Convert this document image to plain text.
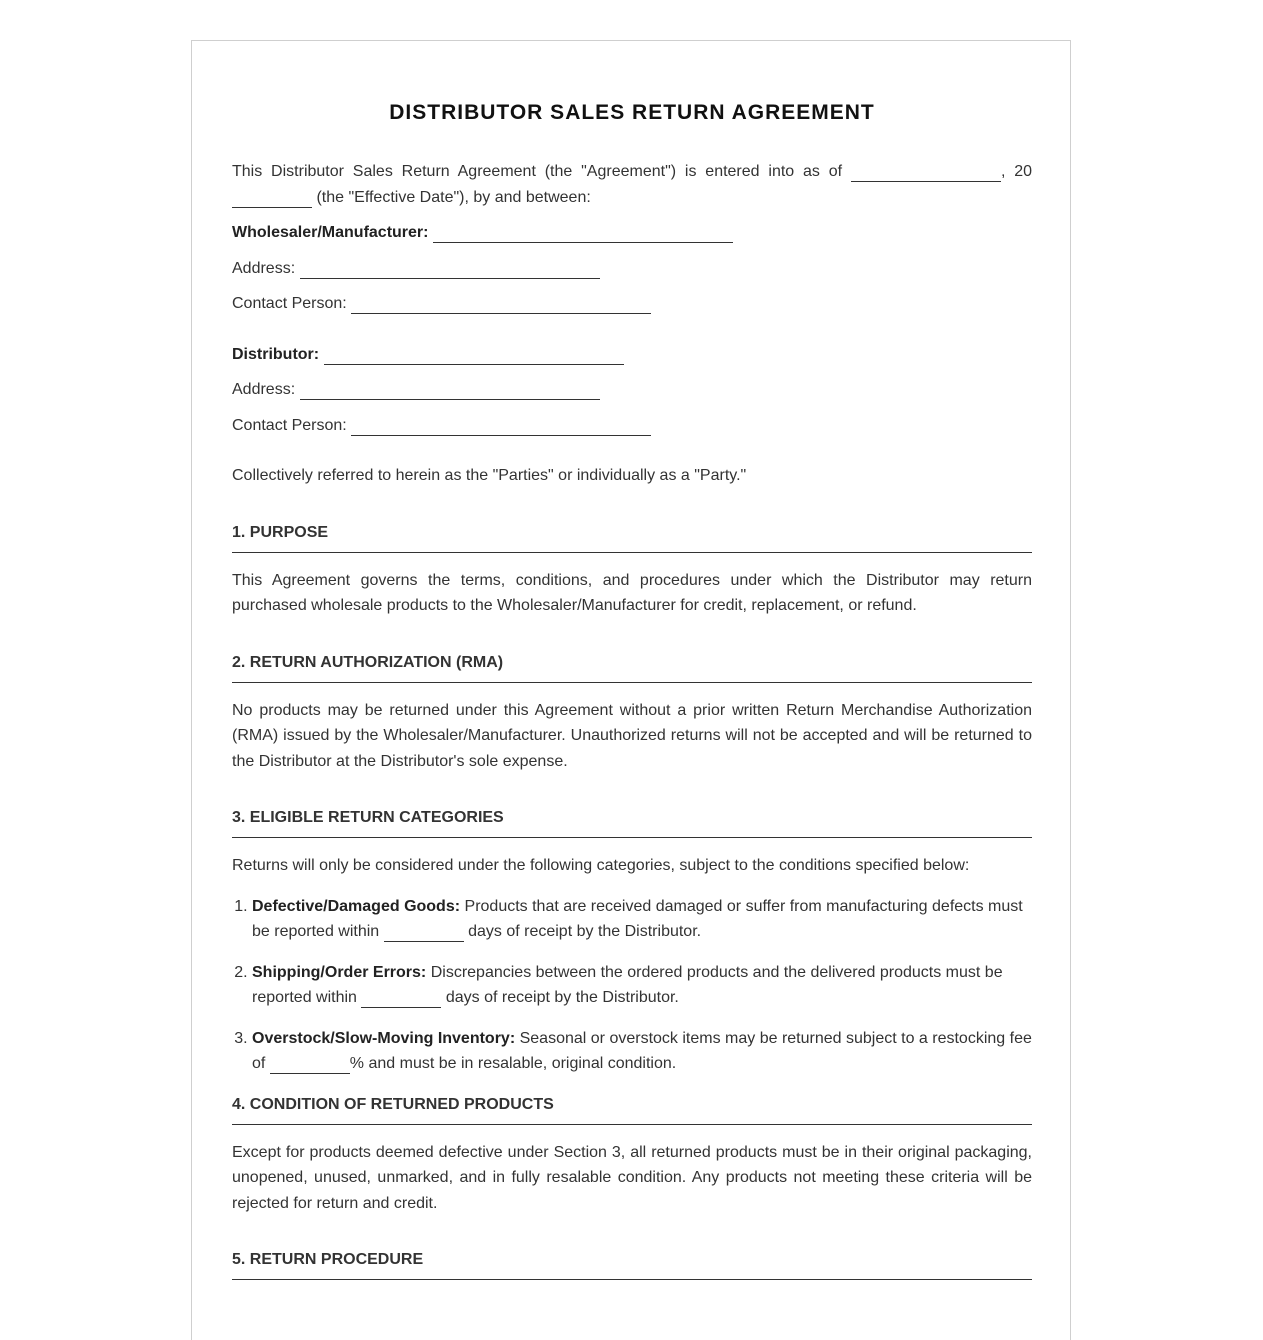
DISTRIBUTOR SALES RETURN AGREEMENT

This Distributor Sales Return Agreement (the "Agreement") is entered into as of	, 20  (the "Effective Date"), by and between:

Wholesaler/Manufacturer:
Address:
Contact Person:
Distributor:
Address:
Contact Person:

Collectively referred to herein as the "Parties" or individually as a "Party."

1. PURPOSE

This Agreement governs the terms, conditions, and procedures under which the Distributor may return purchased wholesale products to the Wholesaler/Manufacturer for credit, replacement, or refund.

2. RETURN AUTHORIZATION (RMA)

No products may be returned under this Agreement without a prior written Return Merchandise Authorization (RMA) issued by the Wholesaler/Manufacturer. Unauthorized returns will not be accepted and will be returned to the Distributor at the Distributor's sole expense.

3. ELIGIBLE RETURN CATEGORIES

Returns will only be considered under the following categories, subject to the conditions specified below:

1. Defective/Damaged Goods: Products that are received damaged or suffer from manufacturing defects must be reported within	days of receipt by the Distributor.
2. Shipping/Order Errors: Discrepancies between the ordered products and the delivered products must be reported within	days of receipt by the Distributor.
3. Overstock/Slow-Moving Inventory: Seasonal or overstock items may be returned subject to a restocking fee of	% and must be in resalable, original condition.
4. CONDITION OF RETURNED PRODUCTS

Except for products deemed defective under Section 3, all returned products must be in their original packaging, unopened, unused, unmarked, and in fully resalable condition. Any products not meeting these criteria will be rejected for return and credit.

5. RETURN PROCEDURE
